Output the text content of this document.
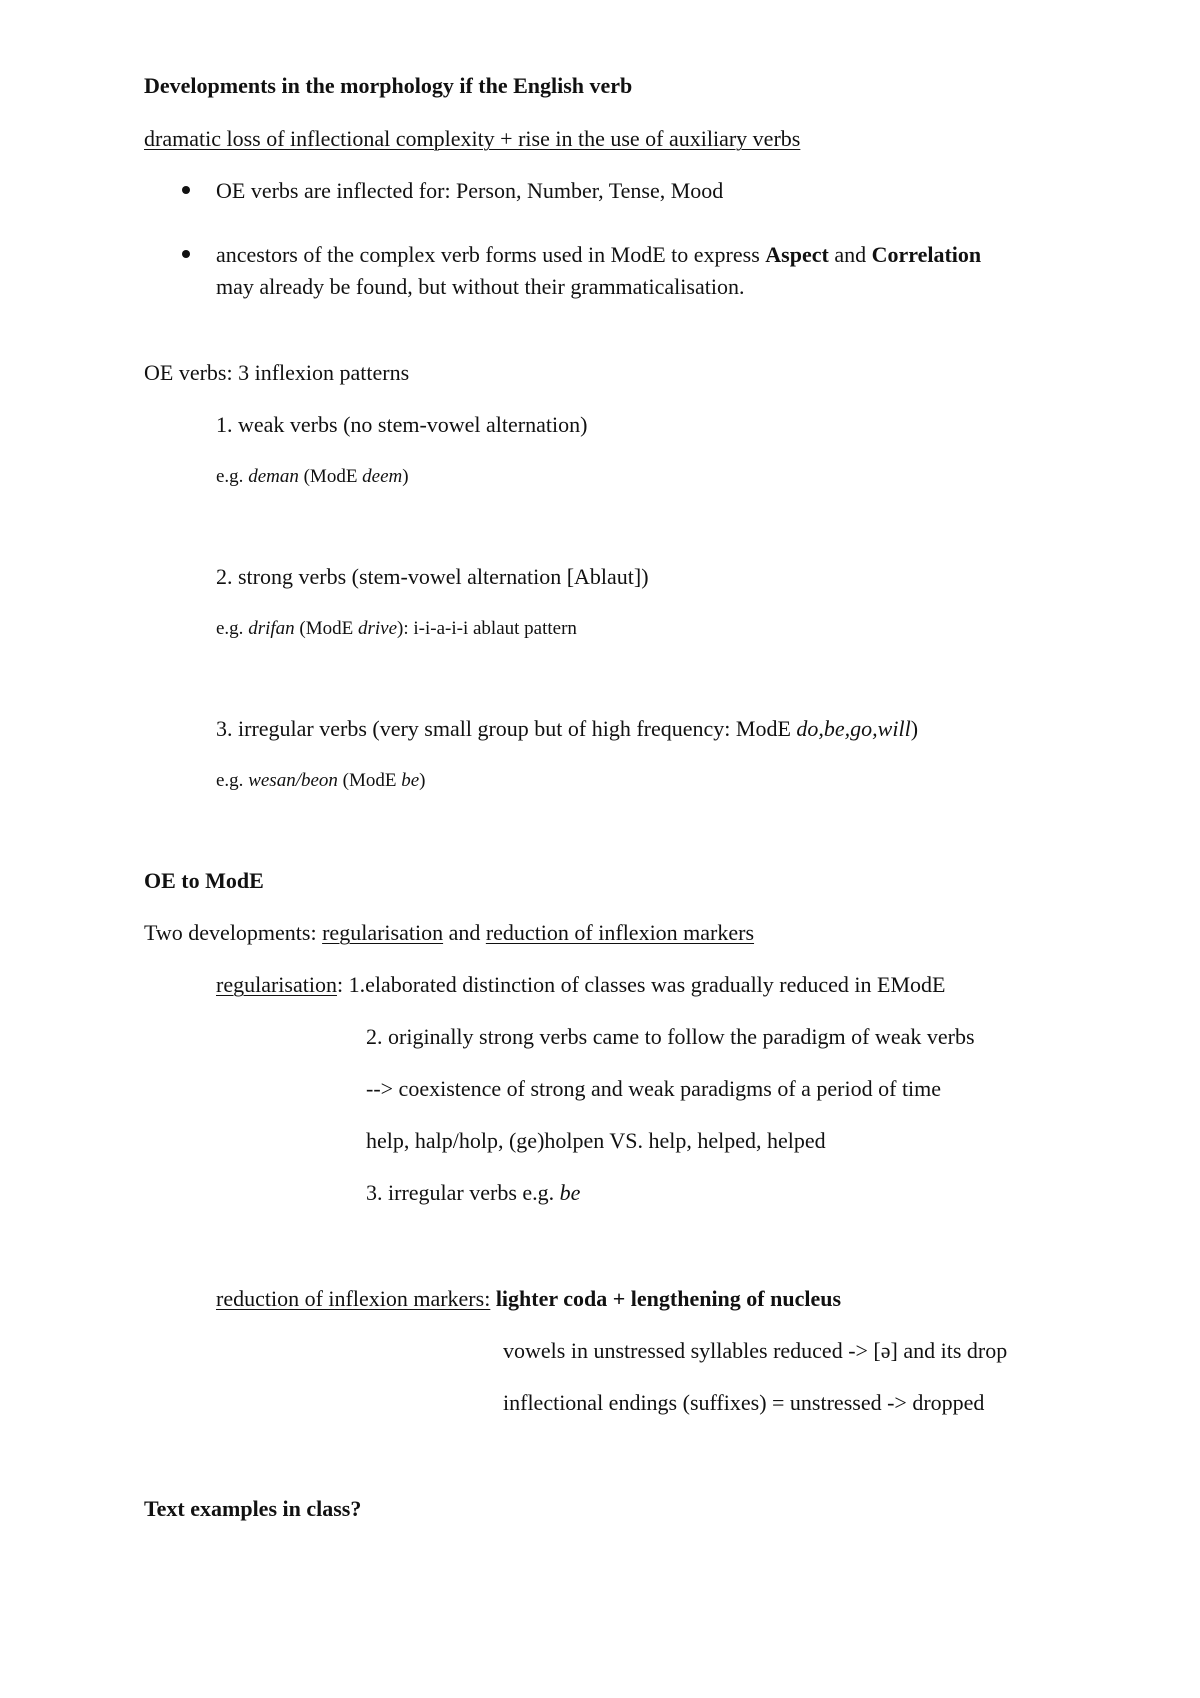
Developments in the morphology if the English verb
dramatic loss of inflectional complexity + rise in the use of auxiliary verbs
OE verbs are inflected for: Person, Number, Tense, Mood
ancestors of the complex verb forms used in ModE to express Aspect and Correlation
may already be found, but without their grammaticalisation.
OE verbs: 3 inflexion patterns
1. weak verbs (no stem-vowel alternation)
e.g. deman (ModE deem)
2. strong verbs (stem-vowel alternation [Ablaut])
e.g. drifan (ModE drive): i-i-a-i-i ablaut pattern
3. irregular verbs (very small group but of high frequency: ModE do,be,go,will)
e.g. wesan/beon (ModE be)
OE to ModE
Two developments: regularisation and reduction of inflexion markers
regularisation: 1.elaborated distinction of classes was gradually reduced in EModE
2. originally strong verbs came to follow the paradigm of weak verbs
--> coexistence of strong and weak paradigms of a period of time
help, halp/holp, (ge)holpen VS. help, helped, helped
3. irregular verbs e.g. be
reduction of inflexion markers: lighter coda + lengthening of nucleus
vowels in unstressed syllables reduced -> [ə] and its drop
inflectional endings (suffixes) = unstressed -> dropped
Text examples in class?
